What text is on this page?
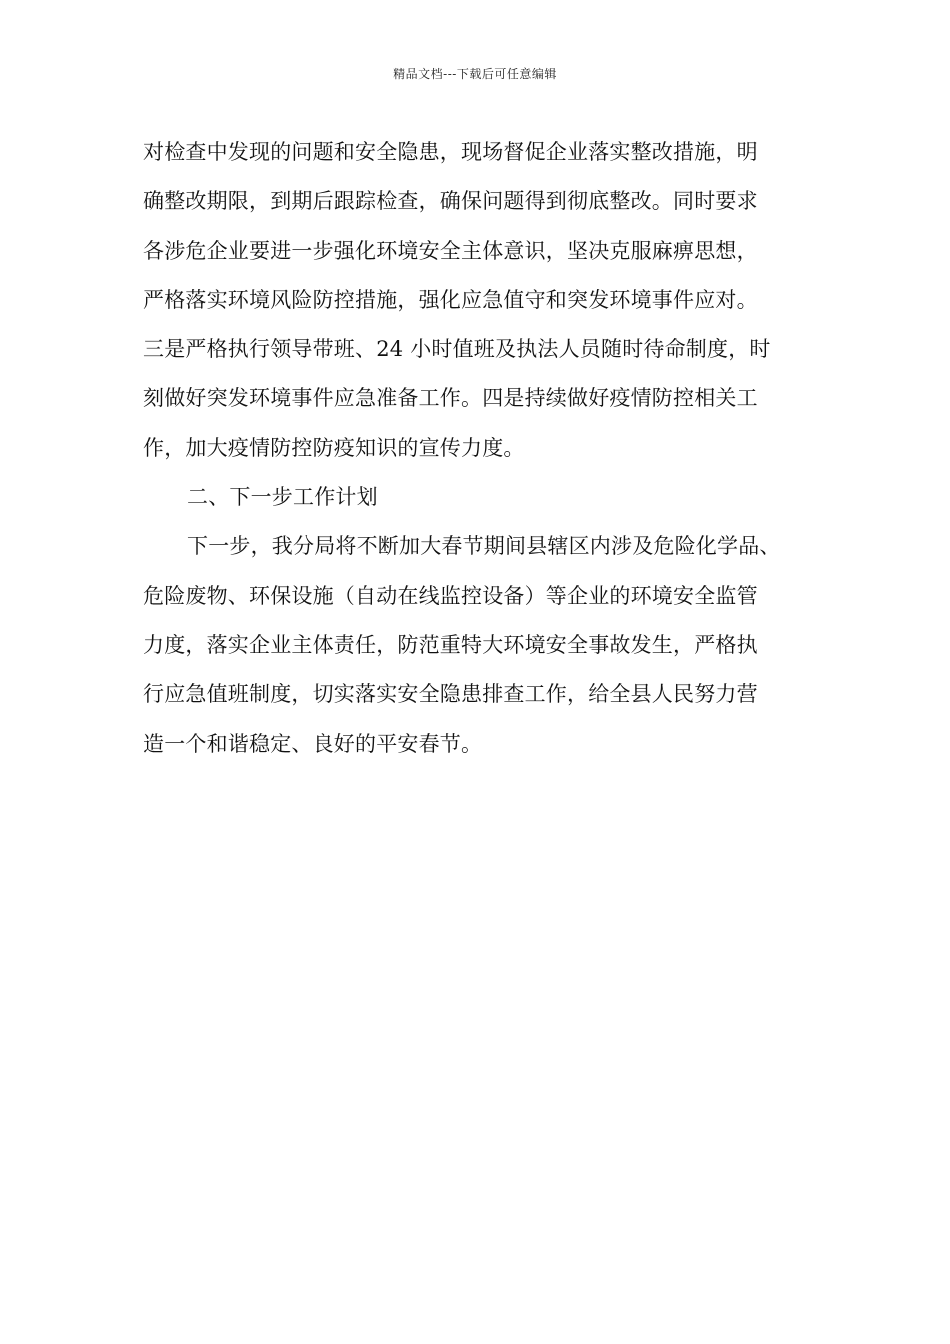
精品文档---下载后可任意编辑
对检查中发现的问题和安全隐患，现场督促企业落实整改措施，明
确整改期限，到期后跟踪检查，确保问题得到彻底整改。同时要求
各涉危企业要进一步强化环境安全主体意识，坚决克服麻痹思想，
严格落实环境风险防控措施，强化应急值守和突发环境事件应对。
三是严格执行领导带班、24 小时值班及执法人员随时待命制度，时
刻做好突发环境事件应急准备工作。四是持续做好疫情防控相关工
作，加大疫情防控防疫知识的宣传力度。
二、下一步工作计划
下一步，我分局将不断加大春节期间县辖区内涉及危险化学品、
危险废物、环保设施（自动在线监控设备）等企业的环境安全监管
力度，落实企业主体责任，防范重特大环境安全事故发生，严格执
行应急值班制度，切实落实安全隐患排查工作，给全县人民努力营
造一个和谐稳定、良好的平安春节。
